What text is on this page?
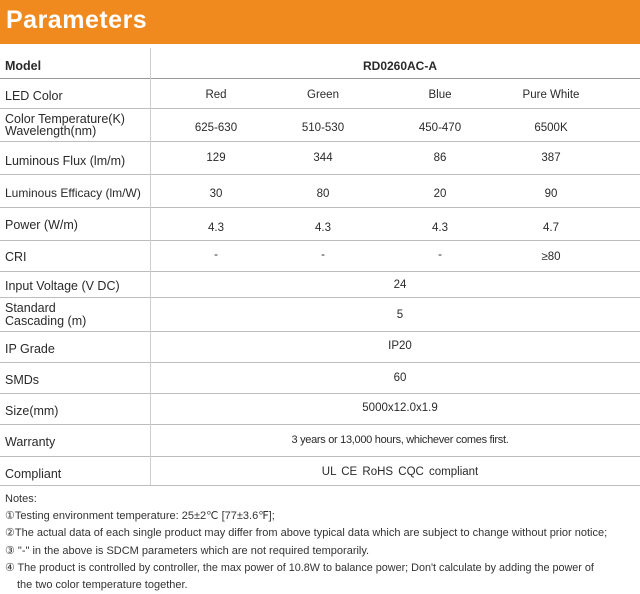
Parameters
Model	RD0260AC-A
LED Color	Red	Green	Blue	Pure White
Color Temperature(K)
Wavelength(nm)	625-630	510-530	450-470	6500K
Luminous Flux (lm/m)	129	344	86	387
Luminous Efficacy (lm/W)	30	80	20	90
Power (W/m)	4.3	4.3	4.3	4.7
CRI	-	-	-	≥80
Input Voltage (V DC)	24
Standard
Cascading (m)	5
IP Grade	IP20
SMDs	60
Size(mm)	5000x12.0x1.9
Warranty	3 years or 13,000 hours, whichever comes first.
Compliant	UL CE RoHS CQC compliant
Notes:
①Testing environment temperature: 25±2℃ [77±3.6℉];
②The actual data of each single product may differ from above typical data which are subject to change without prior notice;
③ "-" in the above is SDCM parameters which are not required temporarily.
④ The product is controlled by controller, the max power of 10.8W to balance power; Don't calculate by adding the power of
the two color temperature together.
